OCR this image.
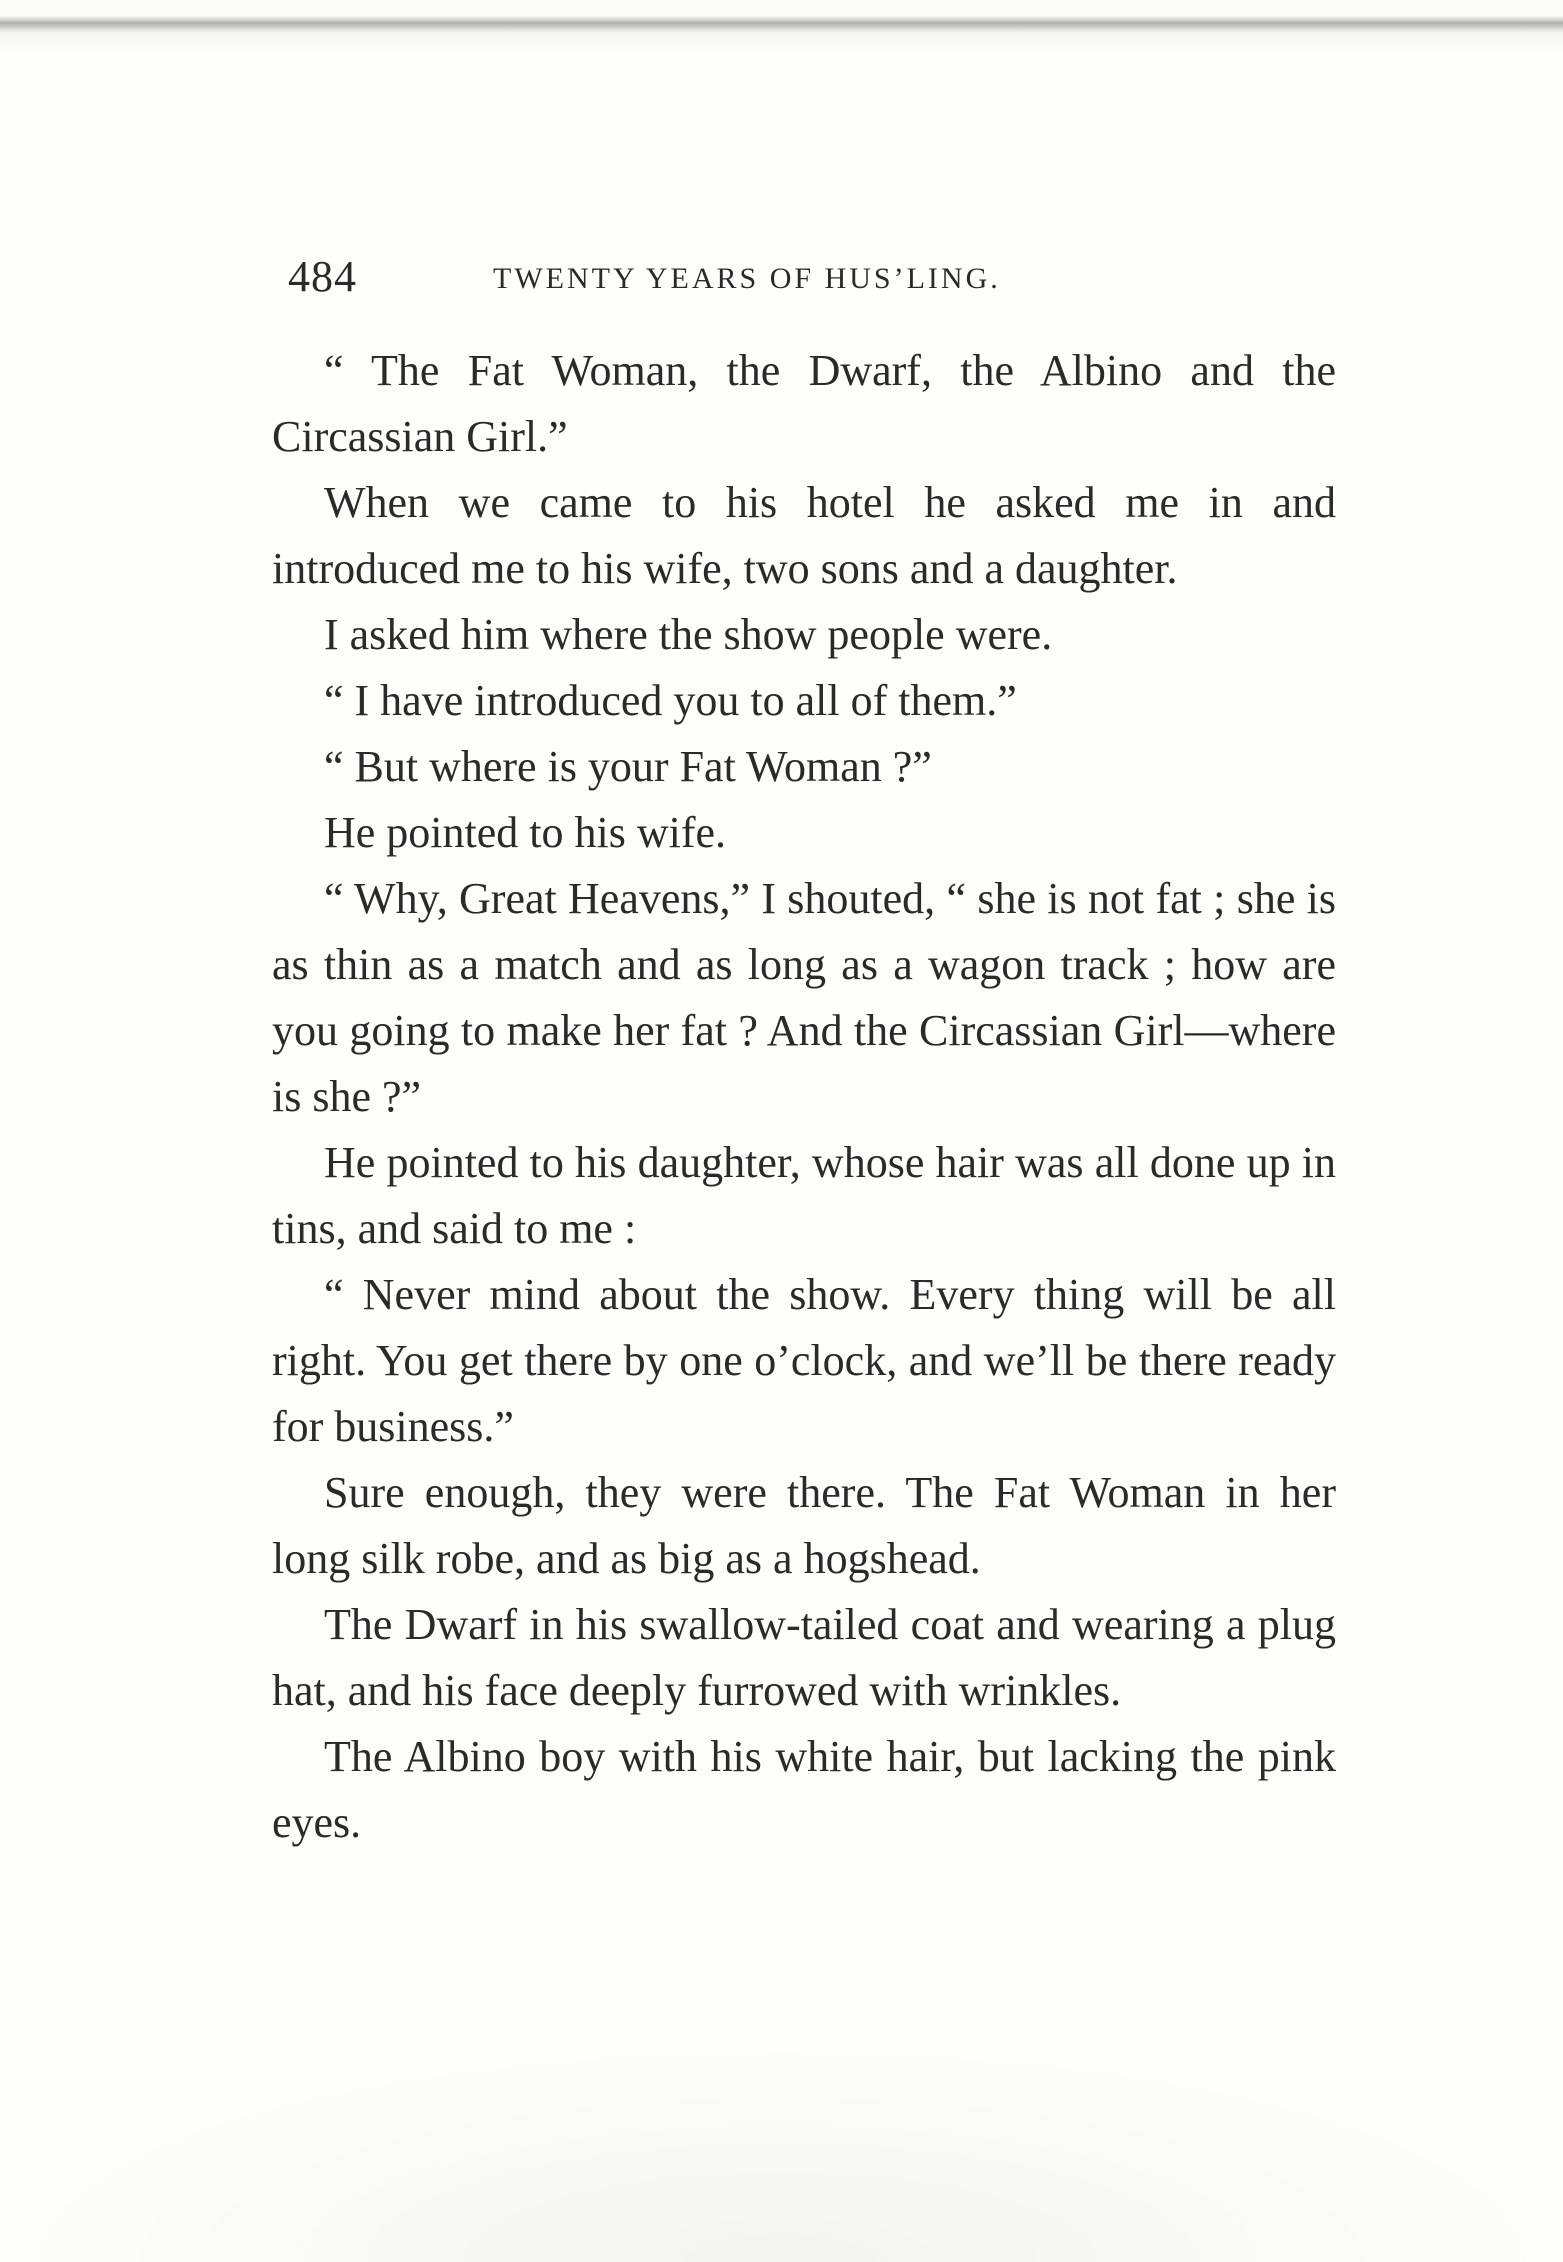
484	TWENTY YEARS OF HUS’LING.

“ The Fat Woman, the Dwarf, the Albino and the Circassian Girl.”

When we came to his hotel he asked me in and introduced me to his wife, two sons and a daughter.

I asked him where the show people were.

“ I have introduced you to all of them.”

“ But where is your Fat Woman ?”

He pointed to his wife.

“ Why, Great Heavens,” I shouted, “ she is not fat ; she is as thin as a match and as long as a wagon track ; how are you going to make her fat ? And the Circassian Girl—where is she ?”

He pointed to his daughter, whose hair was all done up in tins, and said to me :

“ Never mind about the show. Every thing will be all right. You get there by one o’clock, and we’ll be there ready for business.”

Sure enough, they were there. The Fat Woman in her long silk robe, and as big as a hogshead.

The Dwarf in his swallow-tailed coat and wearing a plug hat, and his face deeply furrowed with wrinkles.

The Albino boy with his white hair, but lacking the pink eyes.
